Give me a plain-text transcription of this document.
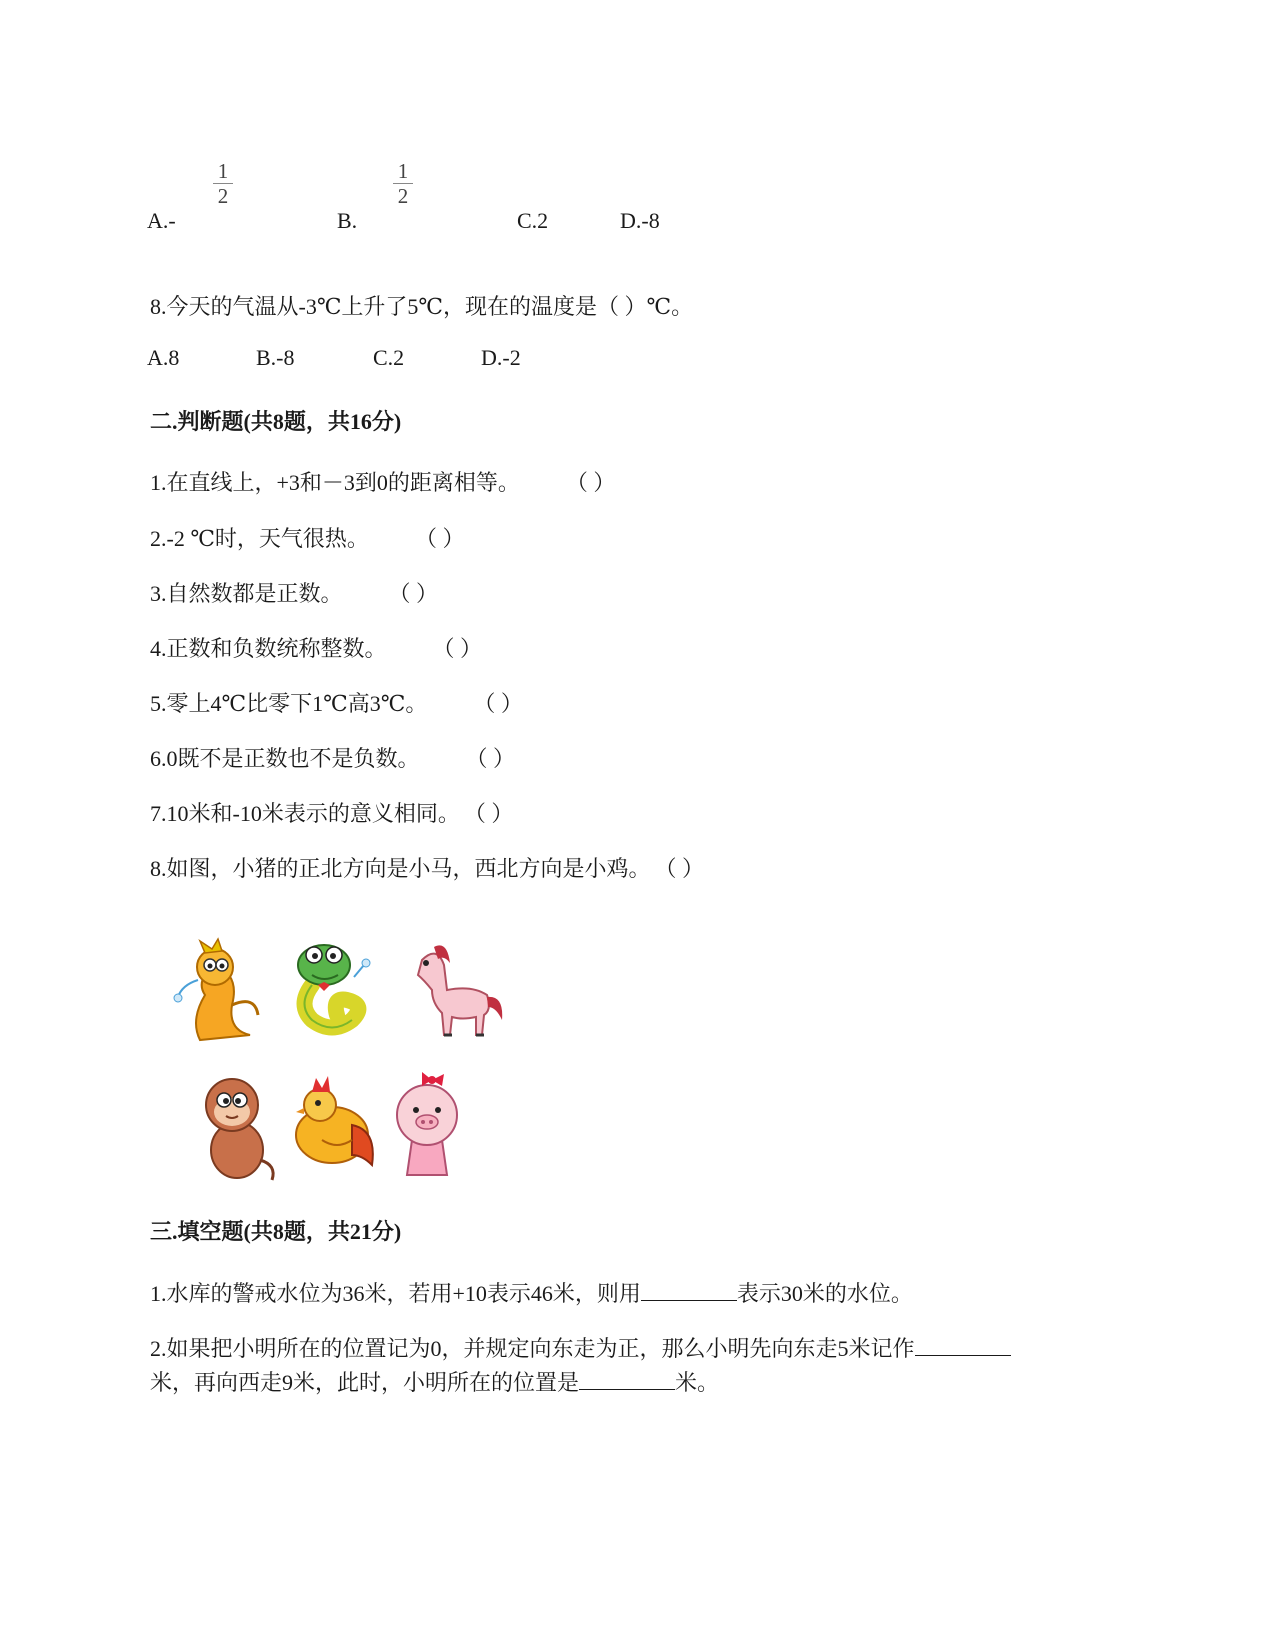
A.-
1
2
B.
1
2
C.2	D.-8
8.今天的气温从-3℃上升了5℃，现在的温度是（ ）℃。
A.8	B.-8	C.2	D.-2
二.判断题(共8题，共16分)
1.在直线上，+3和－3到0的距离相等。 （ ）
2.-2 ℃时，天气很热。 （ ）
3.自然数都是正数。 （ ）
4.正数和负数统称整数。 （ ）
5.零上4℃比零下1℃高3℃。 （ ）
6.0既不是正数也不是负数。 （ ）
7.10米和-10米表示的意义相同。 （ ）
8.如图，小猪的正北方向是小马，西北方向是小鸡。 （ ）
三.填空题(共8题，共21分)
1.水库的警戒水位为36米，若用+10表示46米，则用	表示30米的水位。
2.如果把小明所在的位置记为0，并规定向东走为正，那么小明先向东走5米记作
米，再向西走9米，此时，小明所在的位置是	米。
